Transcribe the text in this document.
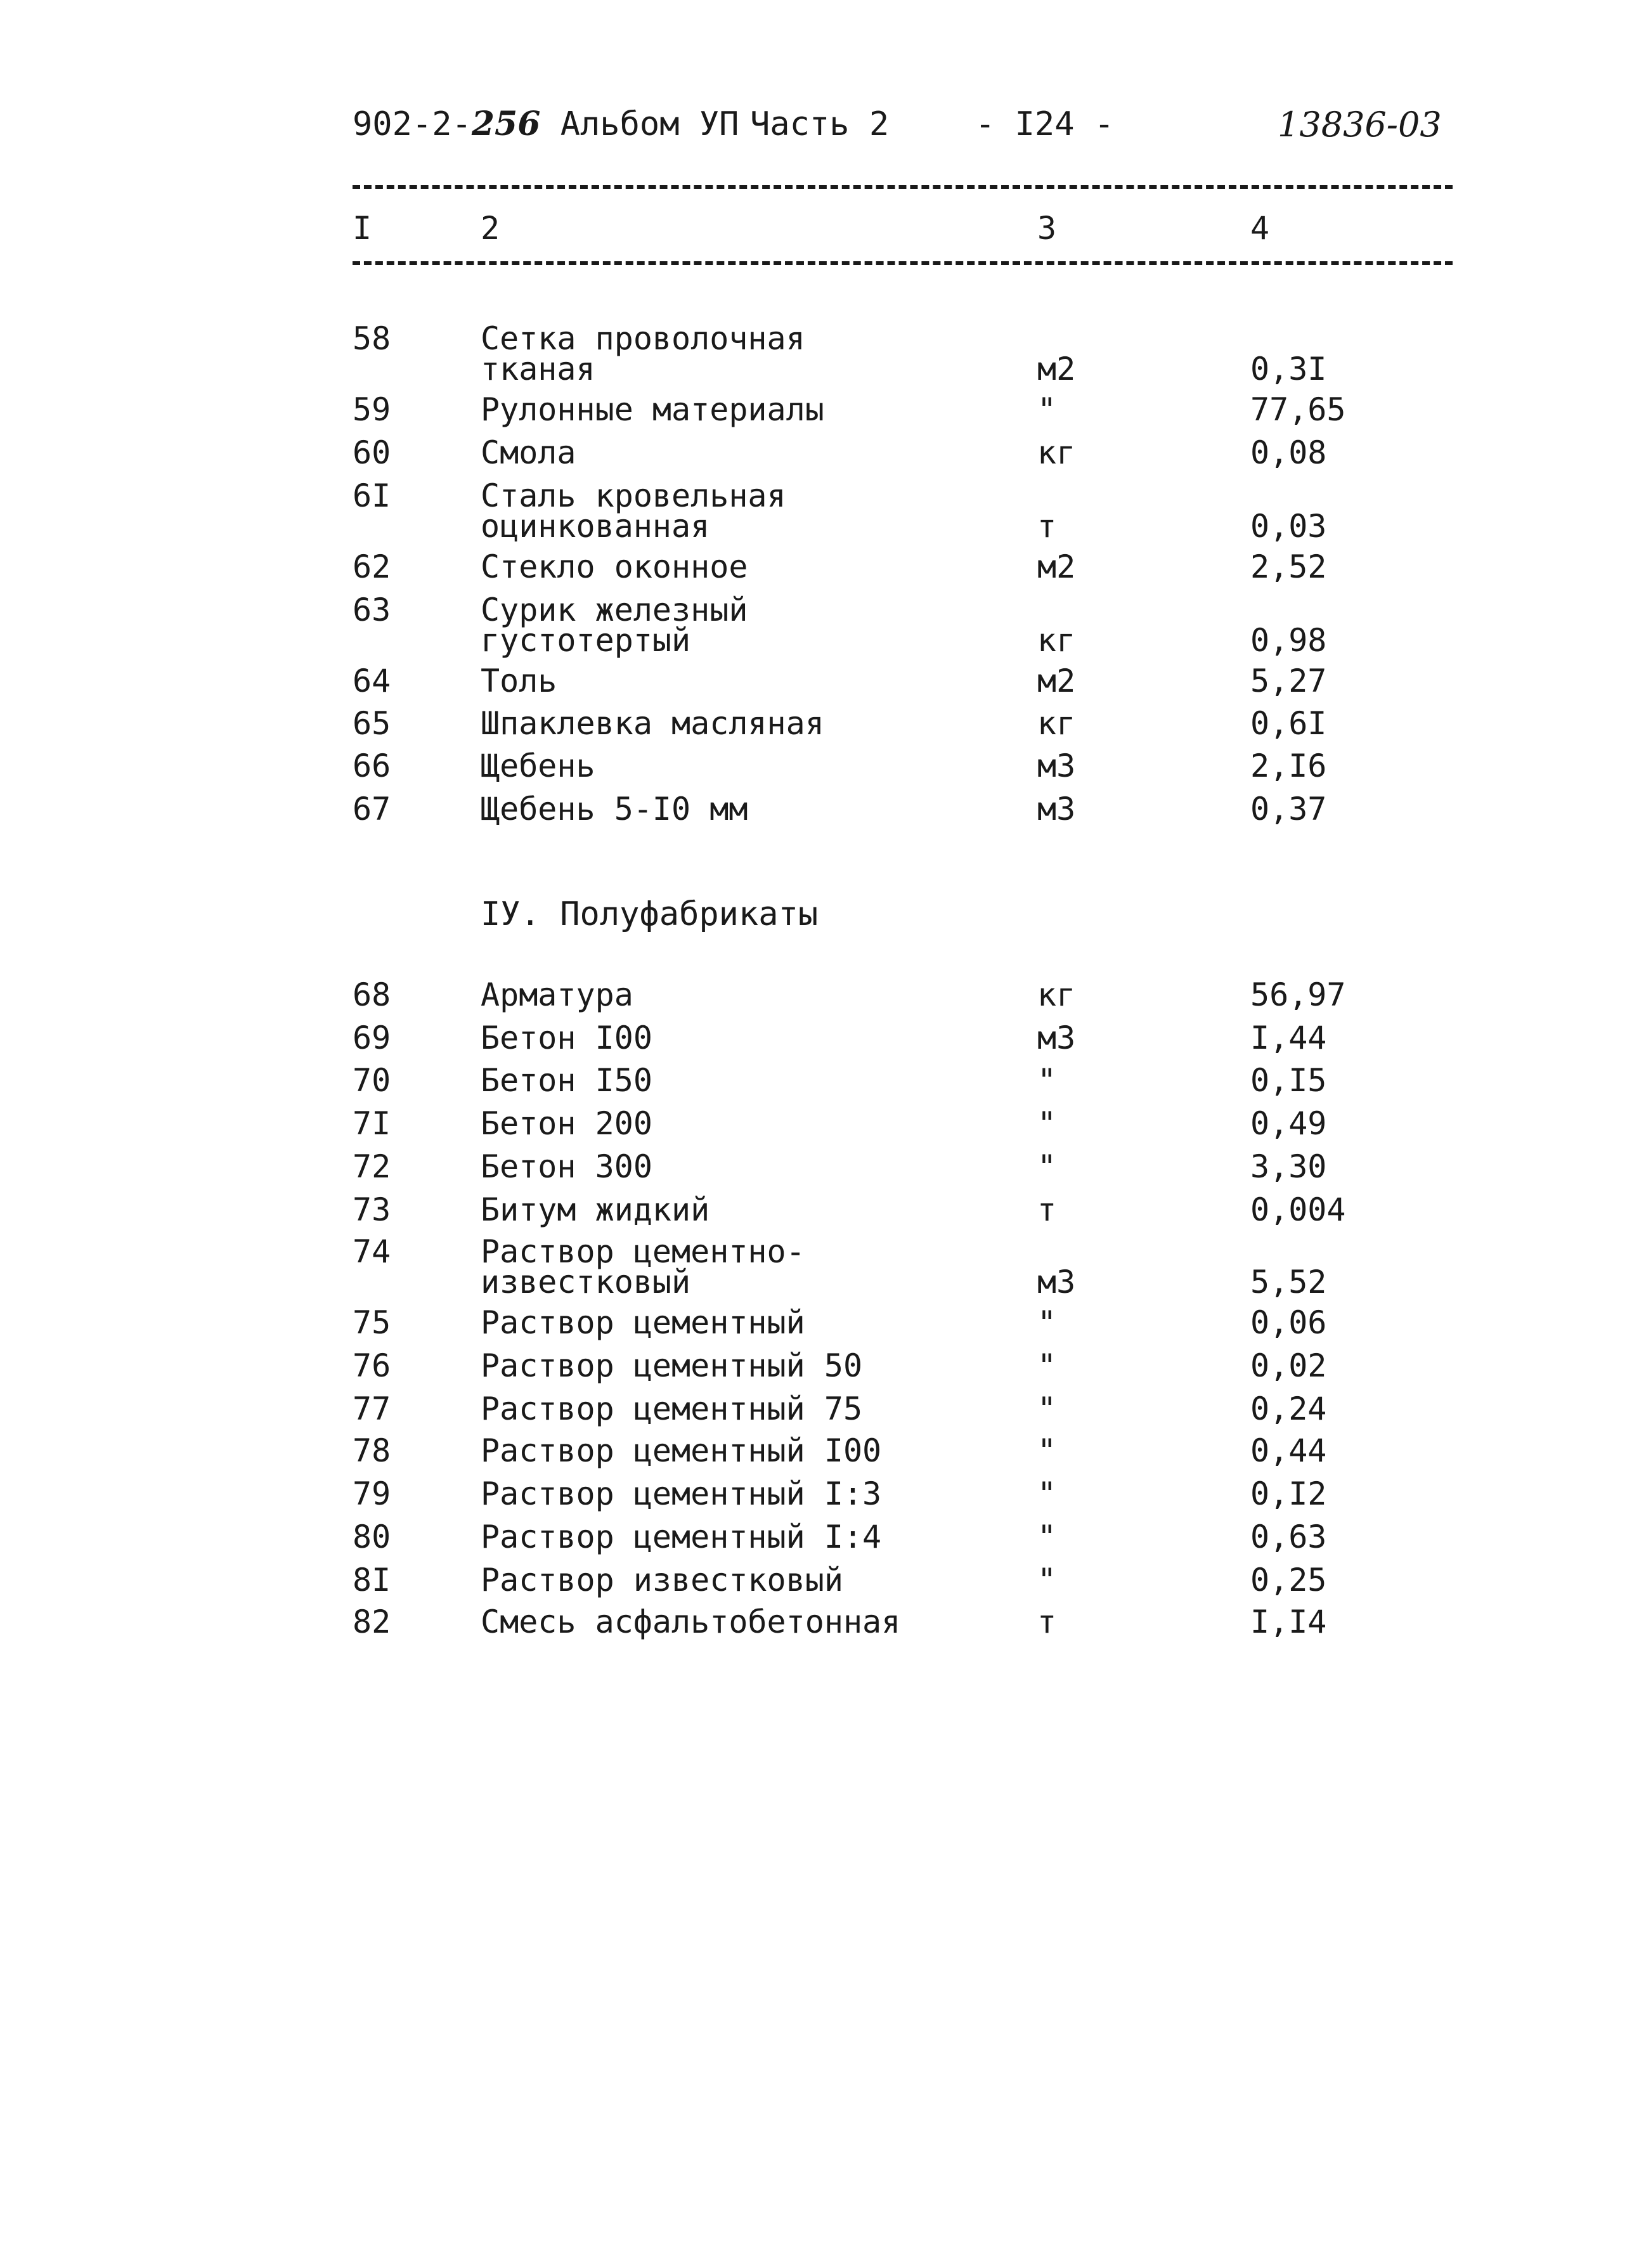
902-2-256 Альбом УП Часть 2	- I24 -	13836-03
I	2	3	4
58	Сетка проволочная
тканая	м2	0,3I
59	Рулонные материалы	"	77,65
60	Смола	кг	0,08
6I	Сталь кровельная
оцинкованная	т	0,03
62	Стекло оконное	м2	2,52
63	Сурик железный
густотертый	кг	0,98
64	Толь	м2	5,27
65	Шпаклевка масляная	кг	0,6I
66	Щебень	м3	2,I6
67	Щебень 5-I0 мм	м3	0,37
IУ. Полуфабрикаты
68	Арматура	кг	56,97
69	Бетон I00	м3	I,44
70	Бетон I50	"	0,I5
7I	Бетон 200	"	0,49
72	Бетон 300	"	3,30
73	Битум жидкий	т	0,004
74	Раствор цементно-
известковый	м3	5,52
75	Раствор цементный	"	0,06
76	Раствор цементный 50	"	0,02
77	Раствор цементный 75	"	0,24
78	Раствор цементный I00	"	0,44
79	Раствор цементный I:3	"	0,I2
80	Раствор цементный I:4	"	0,63
8I	Раствор известковый	"	0,25
82	Смесь асфальтобетонная	т	I,I4
